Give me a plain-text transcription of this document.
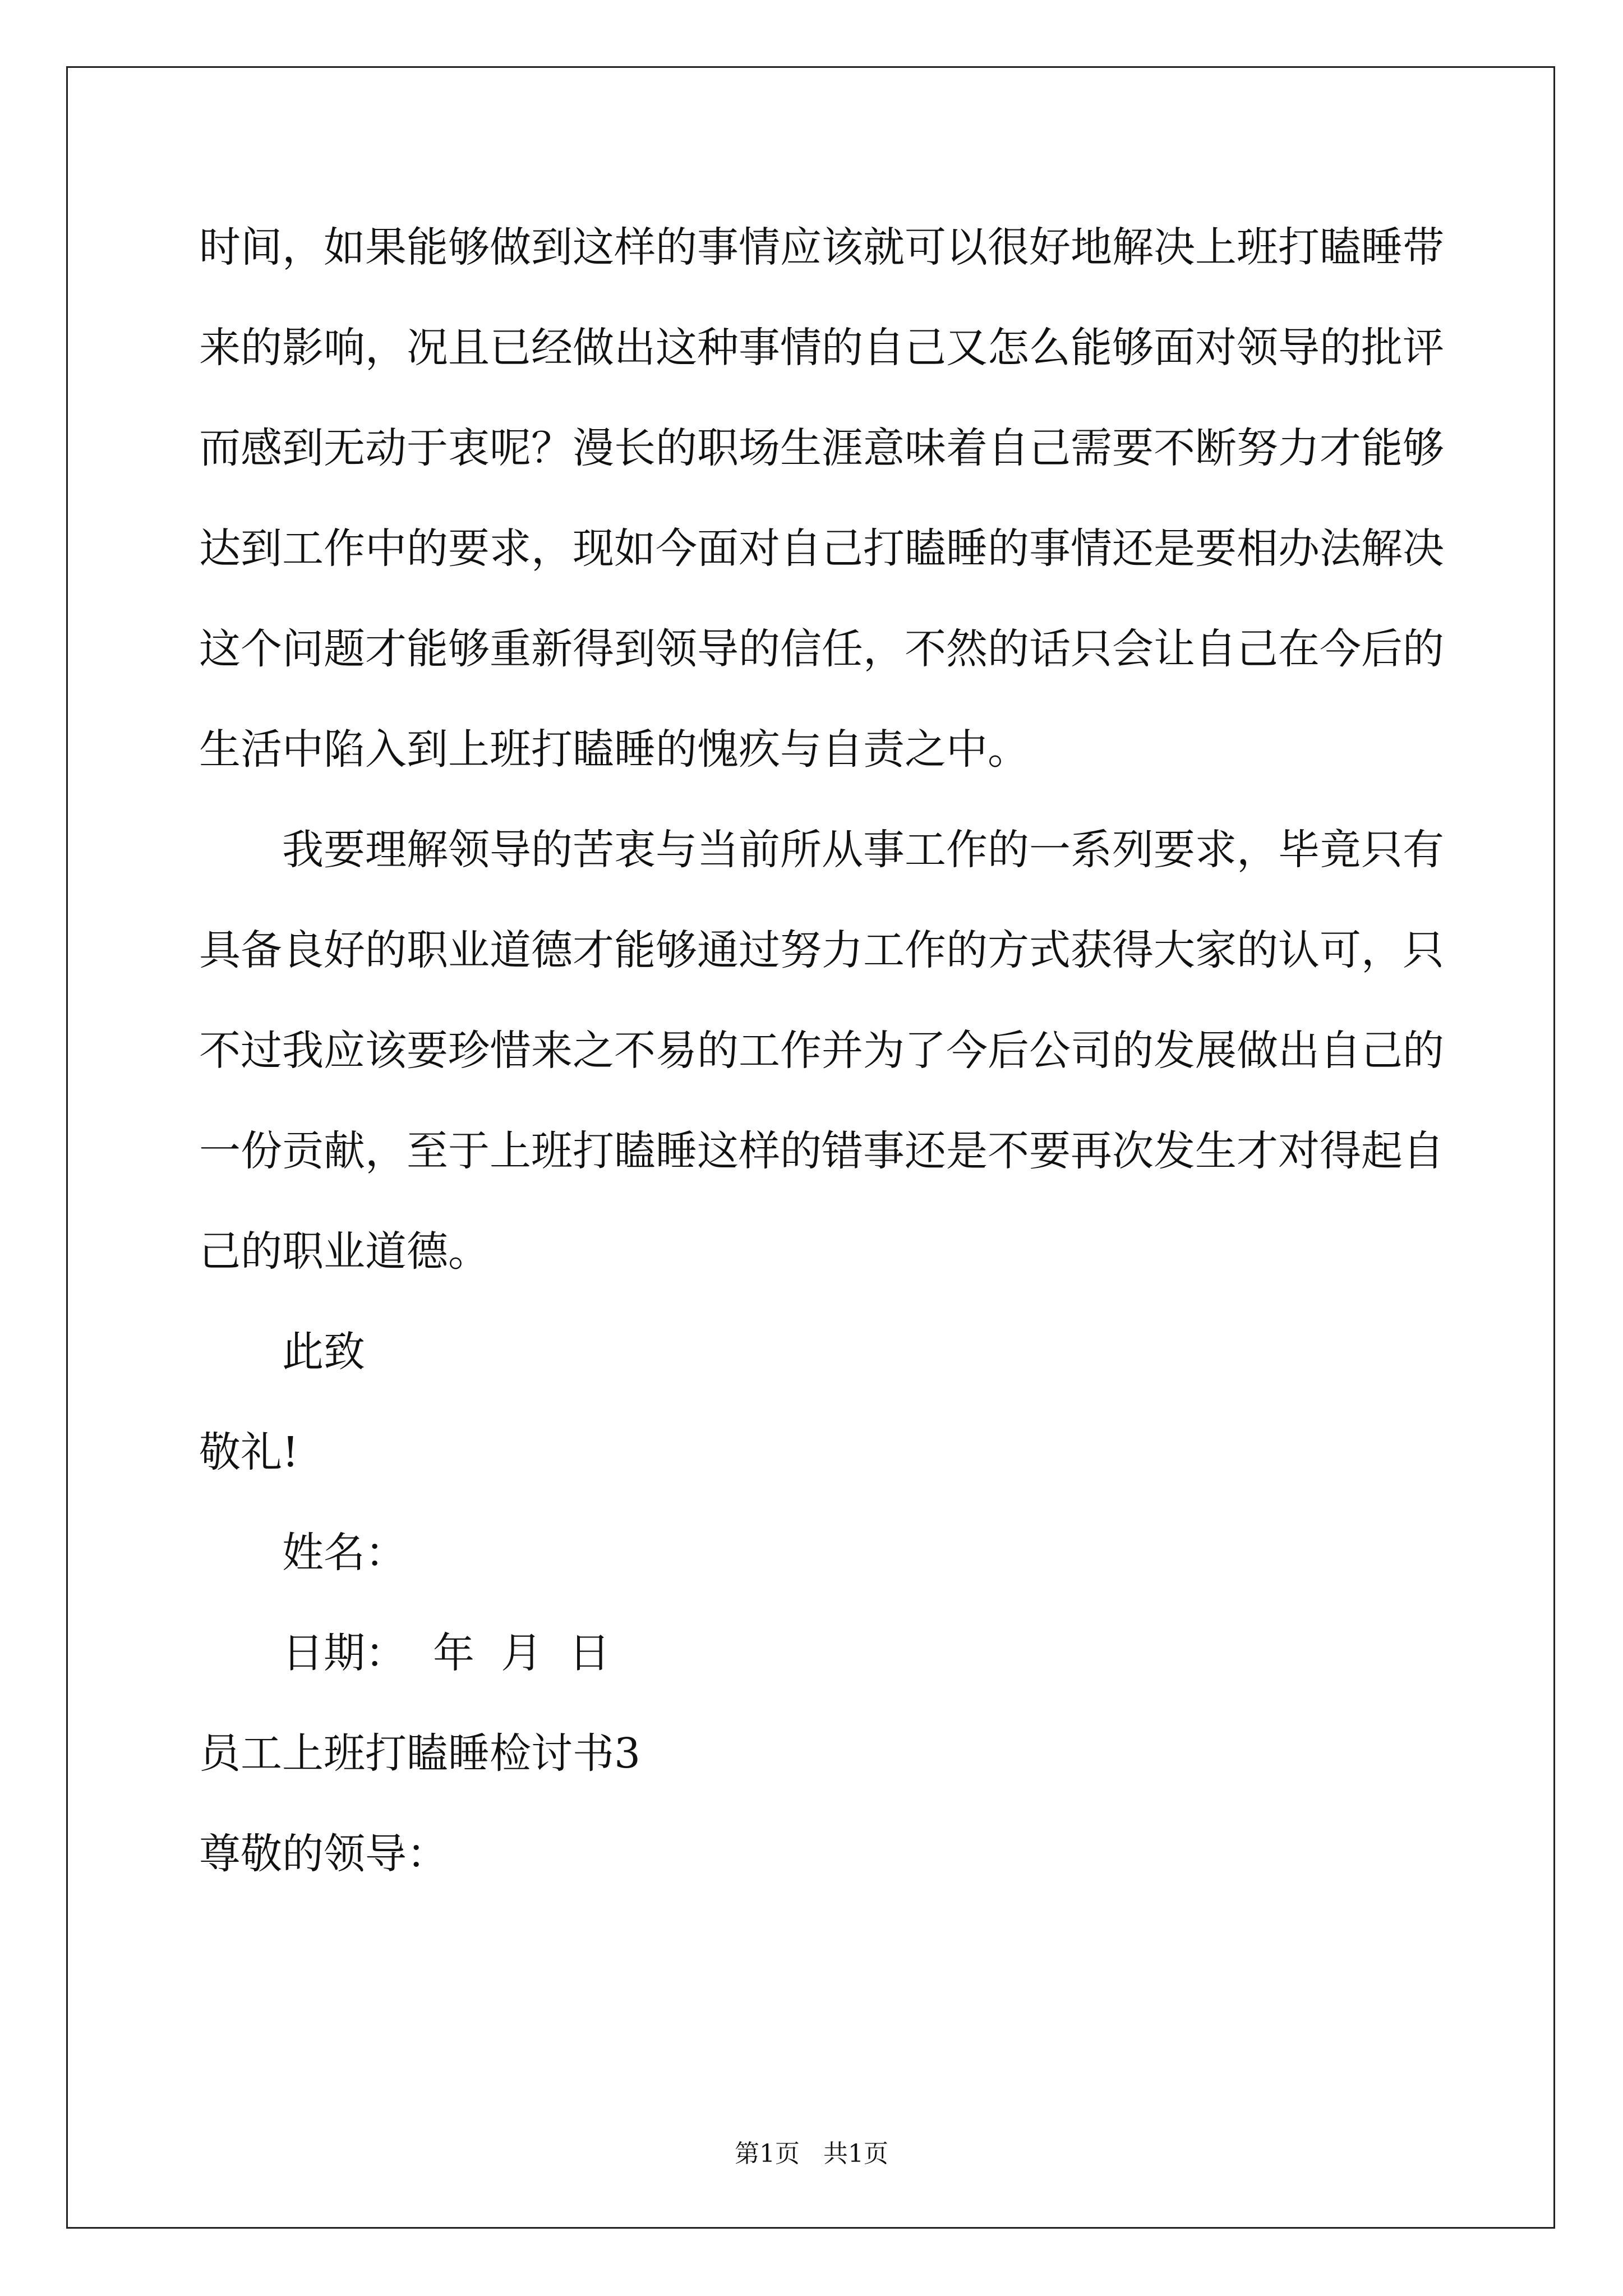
时间，如果能够做到这样的事情应该就可以很好地解决上班打瞌睡带
来的影响，况且已经做出这种事情的自己又怎么能够面对领导的批评
而感到无动于衷呢？漫长的职场生涯意味着自己需要不断努力才能够
达到工作中的要求，现如今面对自己打瞌睡的事情还是要相办法解决
这个问题才能够重新得到领导的信任，不然的话只会让自己在今后的
生活中陷入到上班打瞌睡的愧疚与自责之中。
我要理解领导的苦衷与当前所从事工作的一系列要求，毕竟只有
具备良好的职业道德才能够通过努力工作的方式获得大家的认可，只
不过我应该要珍惜来之不易的工作并为了今后公司的发展做出自己的
一份贡献，至于上班打瞌睡这样的错事还是不要再次发生才对得起自
己的职业道德。
此致
敬礼!
姓名：
日期：  年  月  日
员工上班打瞌睡检讨书3
尊敬的领导：
第1页   共1页
